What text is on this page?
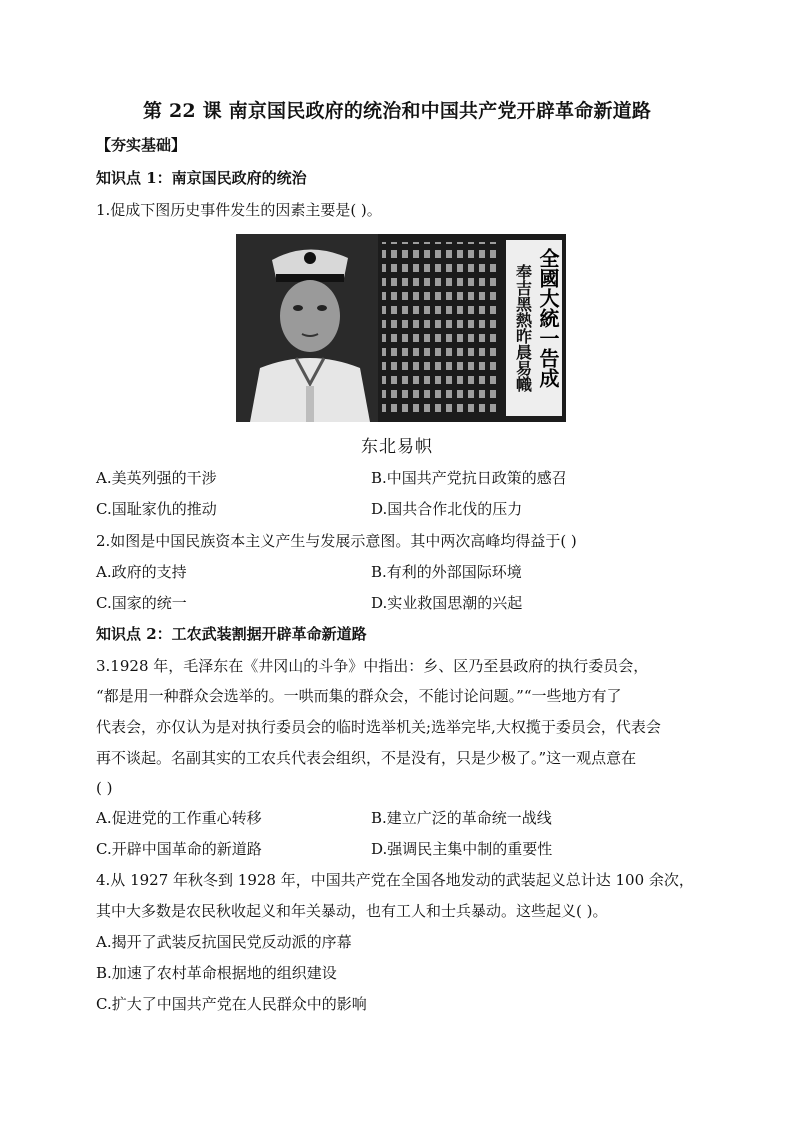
第 22 课 南京国民政府的统治和中国共产党开辟革命新道路
【夯实基础】
知识点 1：南京国民政府的统治
1.促成下图历史事件发生的因素主要是( )。
全國大統一告成
奉吉黑熱昨晨易幟
东北易帜
A.美英列强的干涉	B.中国共产党抗日政策的感召
C.国耻家仇的推动	D.国共合作北伐的压力
2.如图是中国民族资本主义产生与发展示意图。其中两次高峰均得益于( )
A.政府的支持	B.有利的外部国际环境
C.国家的统一	D.实业救国思潮的兴起
知识点 2：工农武装割据开辟革命新道路
3.1928 年，毛泽东在《井冈山的斗争》中指出：乡、区乃至县政府的执行委员会，
“都是用一种群众会选举的。一哄而集的群众会，不能讨论问题。”“一些地方有了
代表会，亦仅认为是对执行委员会的临时选举机关;选举完毕,大权揽于委员会，代表会
再不谈起。名副其实的工农兵代表会组织，不是没有，只是少极了。”这一观点意在
( )
A.促进党的工作重心转移	B.建立广泛的革命统一战线
C.开辟中国革命的新道路	D.强调民主集中制的重要性
4.从 1927 年秋冬到 1928 年，中国共产党在全国各地发动的武装起义总计达 100 余次，
其中大多数是农民秋收起义和年关暴动，也有工人和士兵暴动。这些起义( )。
A.揭开了武装反抗国民党反动派的序幕
B.加速了农村革命根据地的组织建设
C.扩大了中国共产党在人民群众中的影响
